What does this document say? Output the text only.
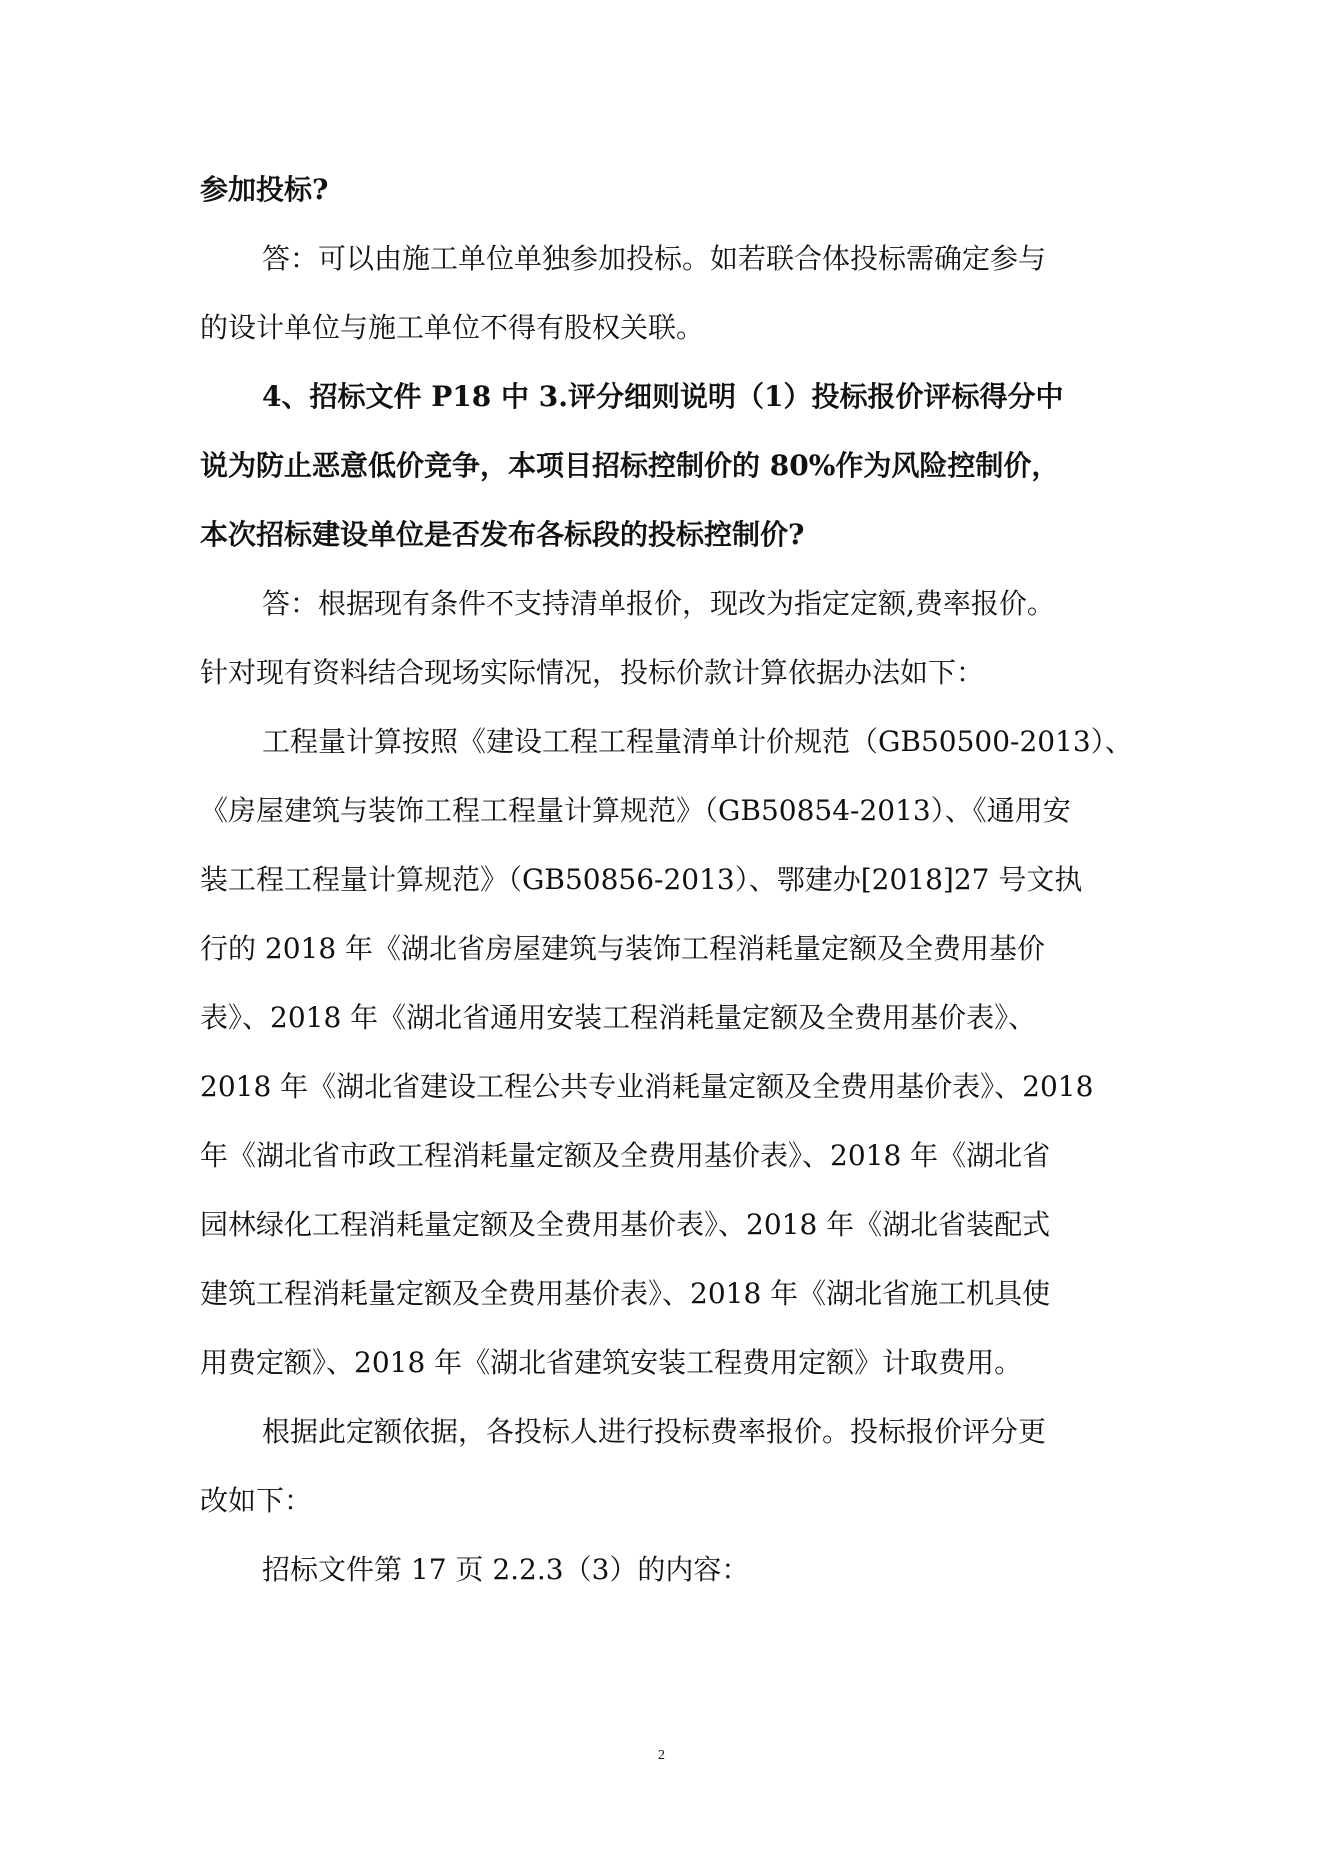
参加投标?
答：可以由施工单位单独参加投标。如若联合体投标需确定参与
的设计单位与施工单位不得有股权关联。
4、招标文件 P18 中 3.评分细则说明（1）投标报价评标得分中
说为防止恶意低价竞争，本项目招标控制价的 80%作为风险控制价，
本次招标建设单位是否发布各标段的投标控制价?
答：根据现有条件不支持清单报价，现改为指定定额,费率报价。
针对现有资料结合现场实际情况，投标价款计算依据办法如下：
工程量计算按照《建设工程工程量清单计价规范（GB50500-2013）、
《房屋建筑与装饰工程工程量计算规范》（GB50854-2013）、《通用安
装工程工程量计算规范》（GB50856-2013）、鄂建办[2018]27 号文执
行的 2018 年《湖北省房屋建筑与装饰工程消耗量定额及全费用基价
表》、2018 年《湖北省通用安装工程消耗量定额及全费用基价表》、
2018 年《湖北省建设工程公共专业消耗量定额及全费用基价表》、2018
年《湖北省市政工程消耗量定额及全费用基价表》、2018 年《湖北省
园林绿化工程消耗量定额及全费用基价表》、2018 年《湖北省装配式
建筑工程消耗量定额及全费用基价表》、2018 年《湖北省施工机具使
用费定额》、2018 年《湖北省建筑安装工程费用定额》计取费用。
根据此定额依据，各投标人进行投标费率报价。投标报价评分更
改如下：
招标文件第 17 页 2.2.3（3）的内容：
2
